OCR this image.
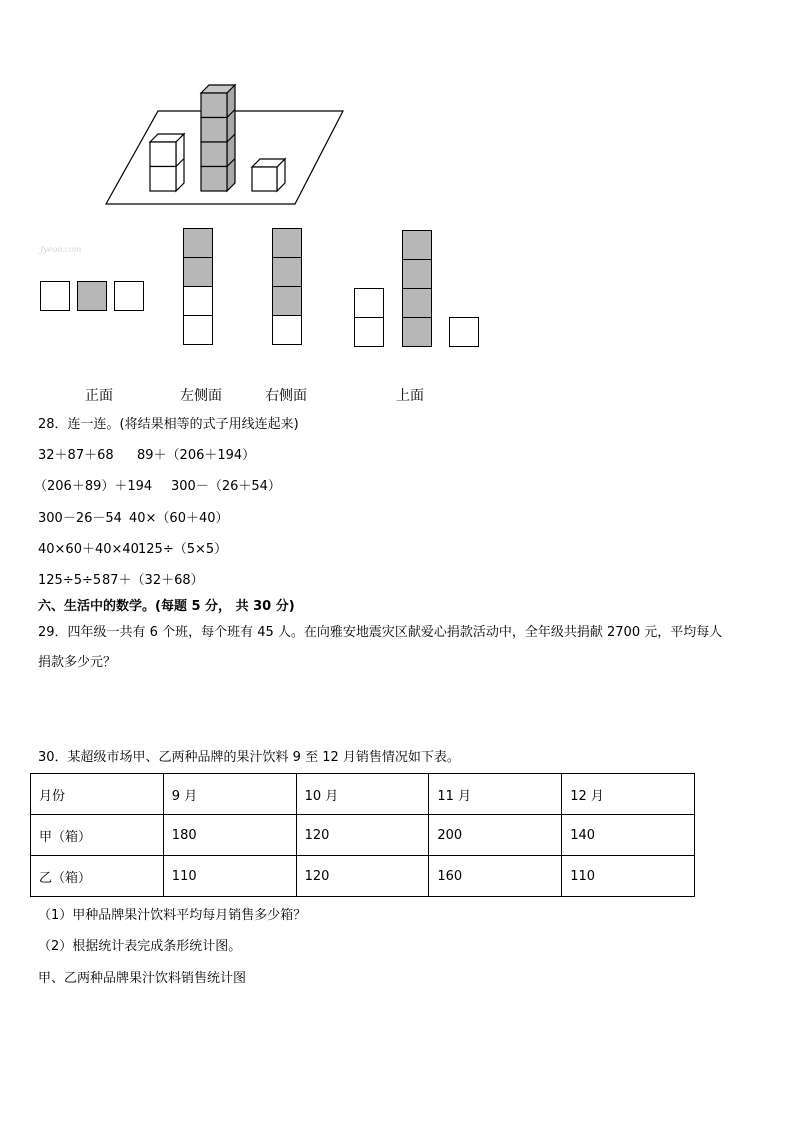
Jyeoo.com
正面	左侧面	右侧面	上面
28．连一连。(将结果相等的式子用线连起来)
32＋87＋68 89＋（206＋194）
（206＋89）＋194 300－（26＋54）
300－26－54 40×（60＋40）
40×60＋40×40 125÷（5×5）
125÷5÷5 87＋（32＋68）
六、生活中的数学。(每题 5 分， 共 30 分)
29．四年级一共有 6 个班，每个班有 45 人。在向雅安地震灾区献爱心捐款活动中，全年级共捐献 2700 元，平均每人
捐款多少元？
30．某超级市场甲、乙两种品牌的果汁饮料 9 至 12 月销售情况如下表。
月份	9 月	10 月	11 月	12 月
甲（箱）	180	120	200	140
乙（箱）	110	120	160	110
（1）甲种品牌果汁饮料平均每月销售多少箱？
（2）根据统计表完成条形统计图。
甲、乙两种品牌果汁饮料销售统计图
